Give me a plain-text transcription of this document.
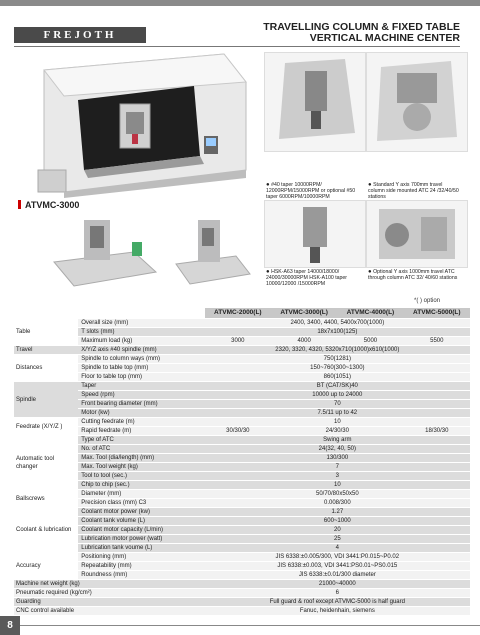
FREJOTH
TRAVELLING COLUMN & FIXED TABLE
VERTICAL MACHINE CENTER
ATVMC-3000
● #40 taper 10000RPM/ 12000RPM/15000RPM or optional #50 taper 6000RPM/10000RPM
● Standard Y axis 700mm travel column side mounted ATC 24 /32/40/50 stations
● HSK-A63 taper 14000/18000/ 24000/30000RPM HSK-A100 taper 10000/12000 /15000RPM
● Optional Y axis 1000mm travel ATC through column ATC 32/ 40/60 stations
*( ) option
		ATVMC-2000(L)	ATVMC-3000(L)	ATVMC-4000(L)	ATVMC-5000(L)
Table	Overall size (mm)	2400, 3400, 4400, 5400x700(1000)			
	T slots (mm)	18x7x100(125)			
	Maximum load (kg)	3000	4000	5000	5500
Travel	X/Y/Z axis #40 spindle (mm)	2320, 3320, 4320, 5320x710(1000)x610(1000)			
Distances	Spindle to column ways (mm)	750(1281)			
	Spindle to table top (mm)	150~760(300~1300)			
	Floor to table top (mm)	860(1051)			
Spindle	Taper	BT (CAT/SK)40			
	Speed (rpm)	10000 up to 24000			
	Front bearing diameter (mm)	70			
	Motor (kw)	7.5/11 up to 42			
Feedrate (X/Y/Z )	Cutting feedrate (m)	10			
	Rapid feedrate (m)	30/30/30	24/30/30		18/30/30
Automatic tool changer	Type of ATC	Swing arm			
	No. of ATC	24(32, 40, 50)			
	Max. Tool (dia/length) (mm)	130/300			
	Max. Tool weight (kg)	7			
	Tool to tool (sec.)	3			
	Chip to chip (sec.)	10			
Ballscrews	Diameter (mm)	50/70/80x50x50			
	Precision class (mm) C3	0.008/300			
Coolant & lubrication	Coolant motor power (kw)	1.27			
	Coolant tank volume (L)	600~1000			
	Coolant motor capacity (L/min)	20			
	Lubrication motor power (watt)	25			
	Lubrication tank voume (L)	4			
Accuracy	Positioning (mm)	JIS 6338:±0.005/300, VDI 3441:P0.015~P0.02			
	Repeatability (mm)	JIS 6338:±0.003, VDI 3441:PS0.01~PS0.015			
	Roundness (mm)	JIS 6338:±0.01/300 diameter			
Machine net weight (kg)		21000~40000			
Pneumatic required (kg/cm²)		6			
Guarding		Full guard & roof except ATVMC-5000 is half guard			
CNC control available		Fanuc, heidenhain, siemens			
8
